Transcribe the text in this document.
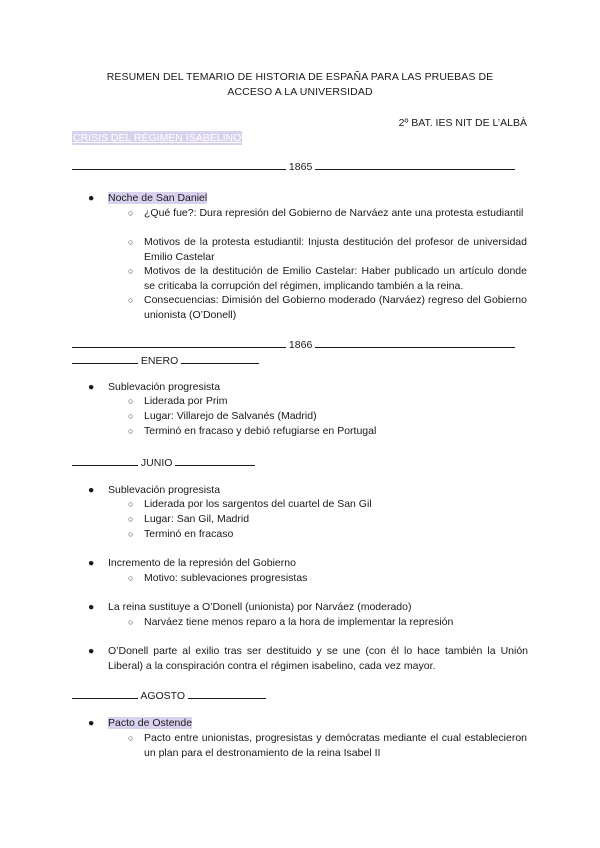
RESUMEN DEL TEMARIO DE HISTORIA DE ESPAÑA PARA LAS PRUEBAS DE
ACCESO A LA UNIVERSIDAD
2º BAT. IES NIT DE L’ALBÀ
CRISIS DEL RÉGIMEN ISABELINO
1865
● Noche de San Daniel
○ ¿Qué fue?: Dura represión del Gobierno de Narváez ante una protesta estudiantil
○ Motivos de la protesta estudiantil: Injusta destitución del profesor de universidad Emilio Castelar
○ Motivos de la destitución de Emilio Castelar: Haber publicado un artículo donde se criticaba la corrupción del régimen, implicando también a la reina.
○ Consecuencias: Dimisión del Gobierno moderado (Narváez) regreso del Gobierno unionista (O’Donell)
1866
ENERO
● Sublevación progresista
○ Liderada por Prim
○ Lugar: Villarejo de Salvanés (Madrid)
○ Terminó en fracaso y debió refugiarse en Portugal
JUNIO
● Sublevación progresista
○ Liderada por los sargentos del cuartel de San Gil
○ Lugar: San Gil, Madrid
○ Terminó en fracaso
● Incremento de la represión del Gobierno
○ Motivo: sublevaciones progresistas
● La reina sustituye a O’Donell (unionista) por Narváez (moderado)
○ Narváez tiene menos reparo a la hora de implementar la represión
● O’Donell parte al exilio tras ser destituido y se une (con él lo hace también la Unión Liberal) a la conspiración contra el régimen isabelino, cada vez mayor.
AGOSTO
● Pacto de Ostende
○ Pacto entre unionistas, progresistas y demócratas mediante el cual establecieron un plan para el destronamiento de la reina Isabel II
